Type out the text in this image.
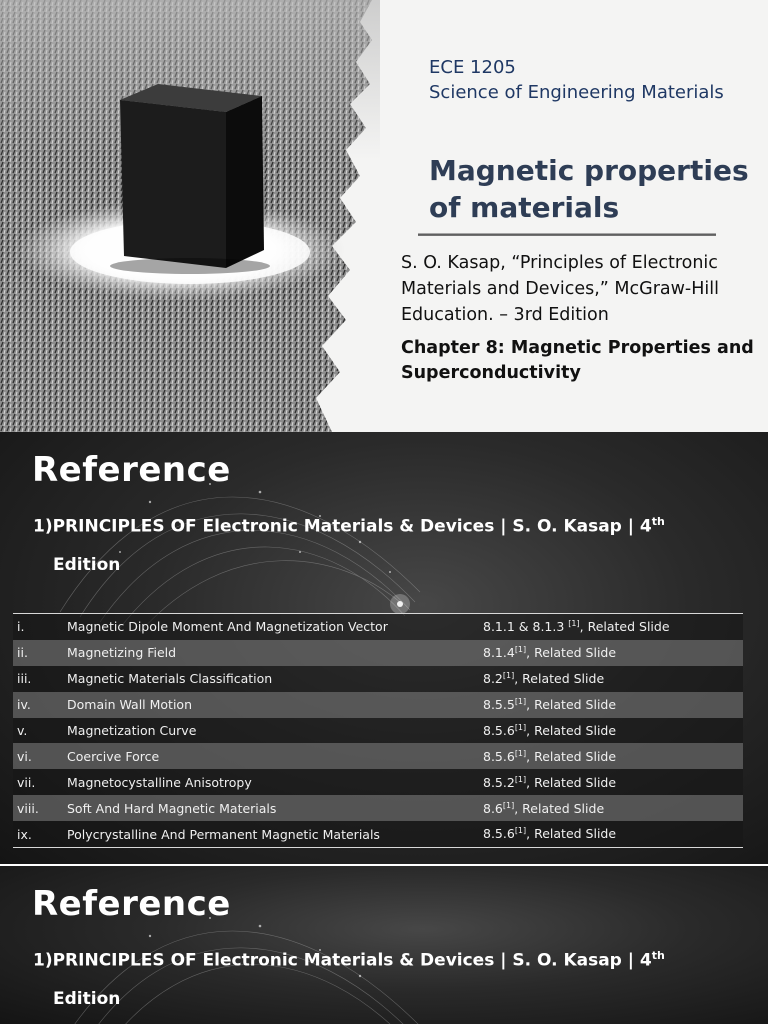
ECE 1205
Science of Engineering Materials
Magnetic properties of materials
S. O. Kasap, “Principles of Electronic Materials and Devices,” McGraw-Hill Education. – 3rd Edition
Chapter 8: Magnetic Properties and Superconductivity
Reference
1)PRINCIPLES OF Electronic Materials & Devices | S. O. Kasap | 4th
Edition
i.	Magnetic Dipole Moment And Magnetization Vector	8.1.1 & 8.1.3 [1], Related Slide
ii.	Magnetizing Field	8.1.4[1], Related Slide
iii.	Magnetic Materials Classification	8.2[1], Related Slide
iv.	Domain Wall Motion	8.5.5[1], Related Slide
v.	Magnetization Curve	8.5.6[1], Related Slide
vi.	Coercive Force	8.5.6[1], Related Slide
vii.	Magnetocystalline Anisotropy	8.5.2[1], Related Slide
viii.	Soft And Hard Magnetic Materials	8.6[1], Related Slide
ix.	Polycrystalline And Permanent Magnetic Materials	8.5.6[1], Related Slide
Reference
1)PRINCIPLES OF Electronic Materials & Devices | S. O. Kasap | 4th
Edition
